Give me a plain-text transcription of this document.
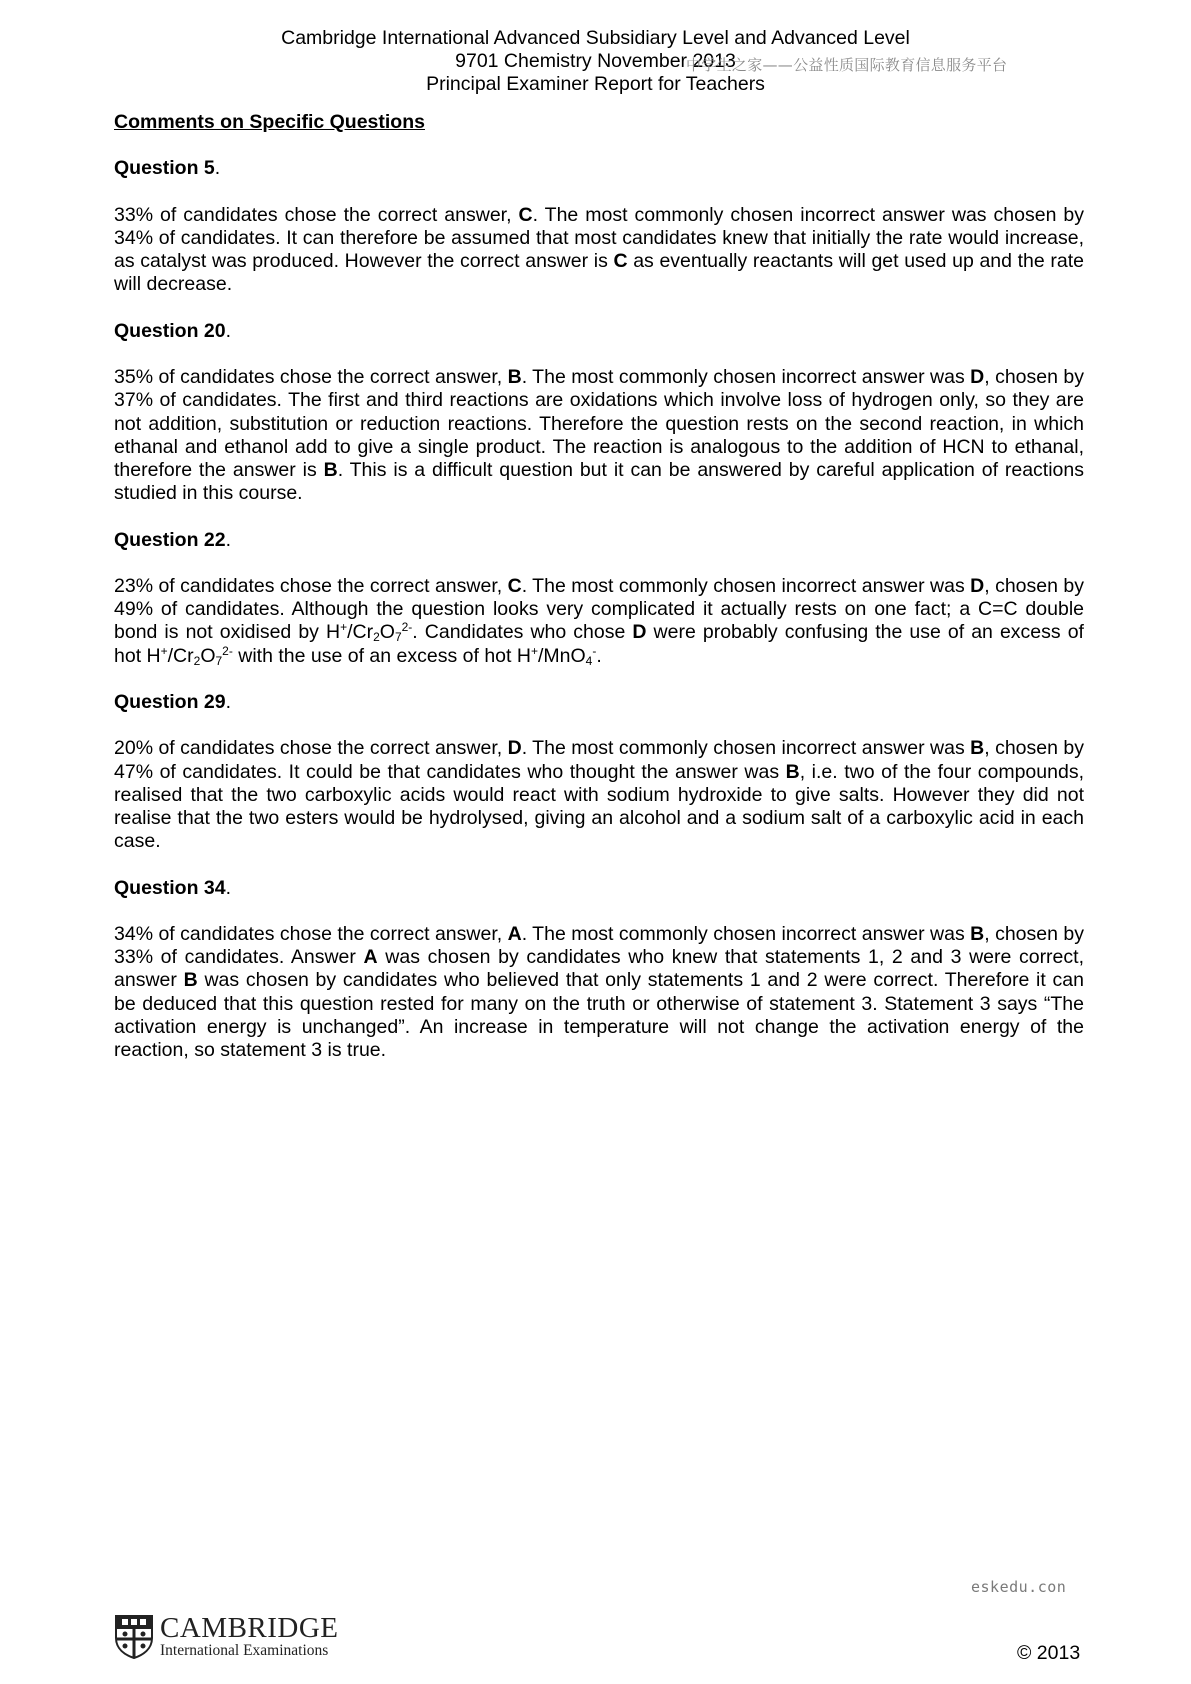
Cambridge International Advanced Subsidiary Level and Advanced Level
9701 Chemistry November 2013
Principal Examiner Report for Teachers
中学生之家——公益性质国际教育信息服务平台
Comments on Specific Questions
Question 5.
33% of candidates chose the correct answer, C. The most commonly chosen incorrect answer was chosen by 34% of candidates. It can therefore be assumed that most candidates knew that initially the rate would increase, as catalyst was produced. However the correct answer is C as eventually reactants will get used up and the rate will decrease.
Question 20.
35% of candidates chose the correct answer, B. The most commonly chosen incorrect answer was D, chosen by 37% of candidates. The first and third reactions are oxidations which involve loss of hydrogen only, so they are not addition, substitution or reduction reactions. Therefore the question rests on the second reaction, in which ethanal and ethanol add to give a single product. The reaction is analogous to the addition of HCN to ethanal, therefore the answer is B. This is a difficult question but it can be answered by careful application of reactions studied in this course.
Question 22.
23% of candidates chose the correct answer, C. The most commonly chosen incorrect answer was D, chosen by 49% of candidates. Although the question looks very complicated it actually rests on one fact; a C=C double bond is not oxidised by $H^+/Cr_2O_7^{2-}$. Candidates who chose D were probably confusing the use of an excess of hot $H^+/Cr_2O_7^{2-}$ with the use of an excess of hot H+/MnO$_4$-.
Question 29.
20% of candidates chose the correct answer, D. The most commonly chosen incorrect answer was B, chosen by 47% of candidates. It could be that candidates who thought the answer was B, i.e. two of the four compounds, realised that the two carboxylic acids would react with sodium hydroxide to give salts. However they did not realise that the two esters would be hydrolysed, giving an alcohol and a sodium salt of a carboxylic acid in each case.
Question 34.
34% of candidates chose the correct answer, A. The most commonly chosen incorrect answer was B, chosen by 33% of candidates. Answer A was chosen by candidates who knew that statements 1, 2 and 3 were correct, answer B was chosen by candidates who believed that only statements 1 and 2 were correct. Therefore it can be deduced that this question rested for many on the truth or otherwise of statement 3. Statement 3 says “The activation energy is unchanged”. An increase in temperature will not change the activation energy of the reaction, so statement 3 is true.
eskedu.con
CAMBRIDGE
International Examinations	© 2013
